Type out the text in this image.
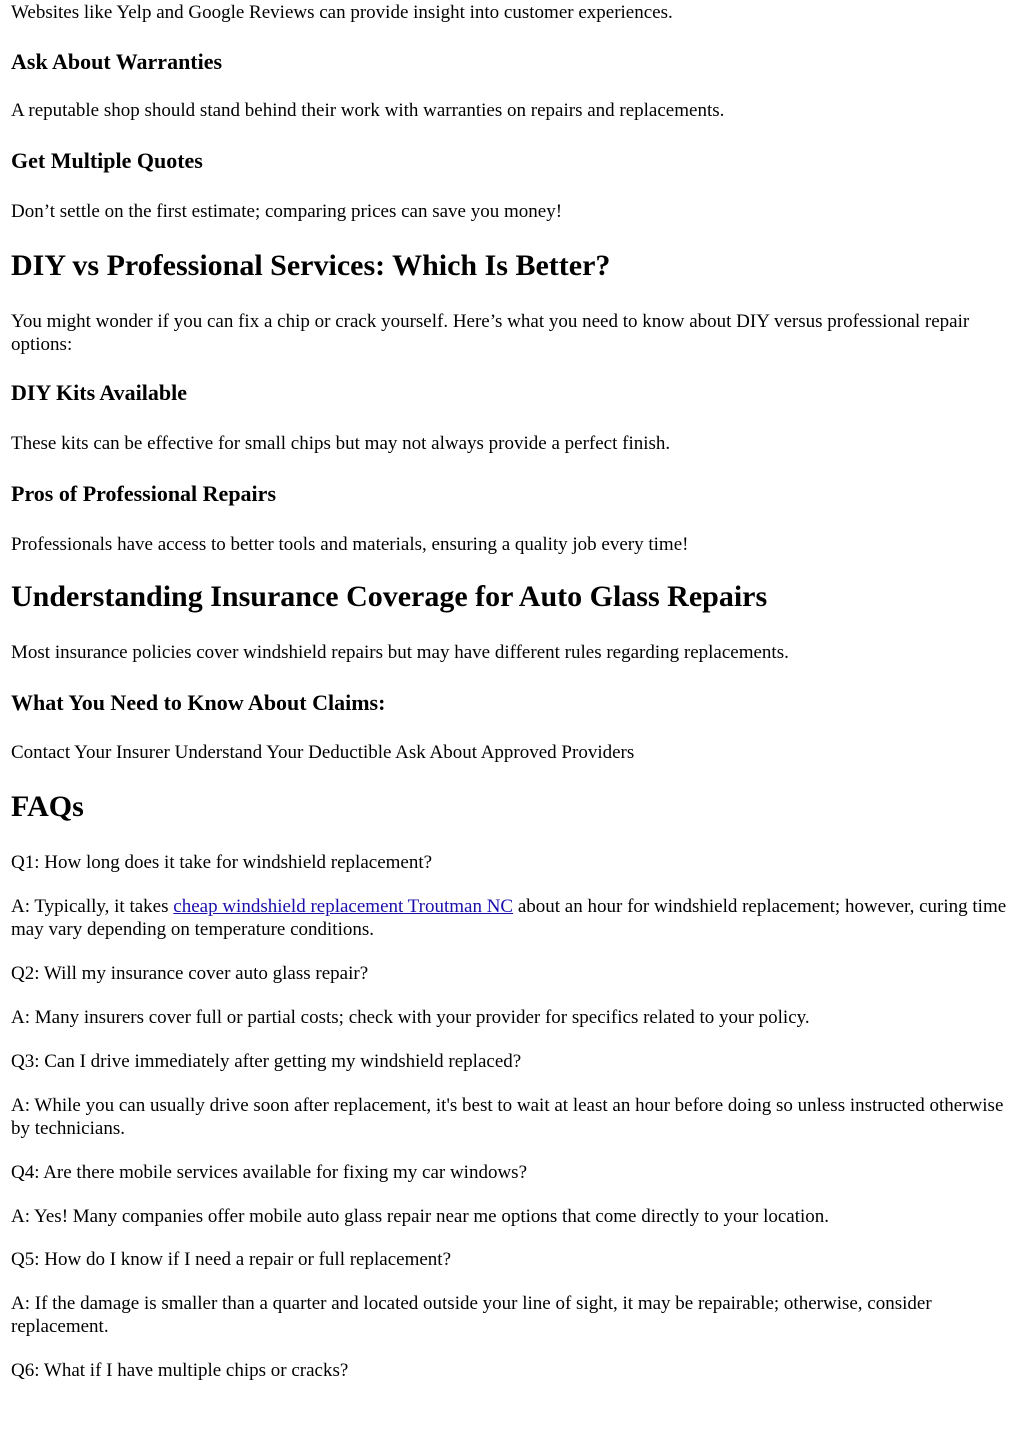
Websites like Yelp and Google Reviews can provide insight into customer experiences.

Ask About Warranties

A reputable shop should stand behind their work with warranties on repairs and replacements.

Get Multiple Quotes

Don’t settle on the first estimate; comparing prices can save you money!

DIY vs Professional Services: Which Is Better?

You might wonder if you can fix a chip or crack yourself. Here’s what you need to know about DIY versus professional repair options:

DIY Kits Available

These kits can be effective for small chips but may not always provide a perfect finish.

Pros of Professional Repairs

Professionals have access to better tools and materials, ensuring a quality job every time!

Understanding Insurance Coverage for Auto Glass Repairs

Most insurance policies cover windshield repairs but may have different rules regarding replacements.

What You Need to Know About Claims:

Contact Your Insurer Understand Your Deductible Ask About Approved Providers

FAQs

Q1: How long does it take for windshield replacement?

A: Typically, it takes cheap windshield replacement Troutman NC about an hour for windshield replacement; however, curing time may vary depending on temperature conditions.

Q2: Will my insurance cover auto glass repair?

A: Many insurers cover full or partial costs; check with your provider for specifics related to your policy.

Q3: Can I drive immediately after getting my windshield replaced?

A: While you can usually drive soon after replacement, it's best to wait at least an hour before doing so unless instructed otherwise by technicians.

Q4: Are there mobile services available for fixing my car windows?

A: Yes! Many companies offer mobile auto glass repair near me options that come directly to your location.

Q5: How do I know if I need a repair or full replacement?

A: If the damage is smaller than a quarter and located outside your line of sight, it may be repairable; otherwise, consider replacement.

Q6: What if I have multiple chips or cracks?
